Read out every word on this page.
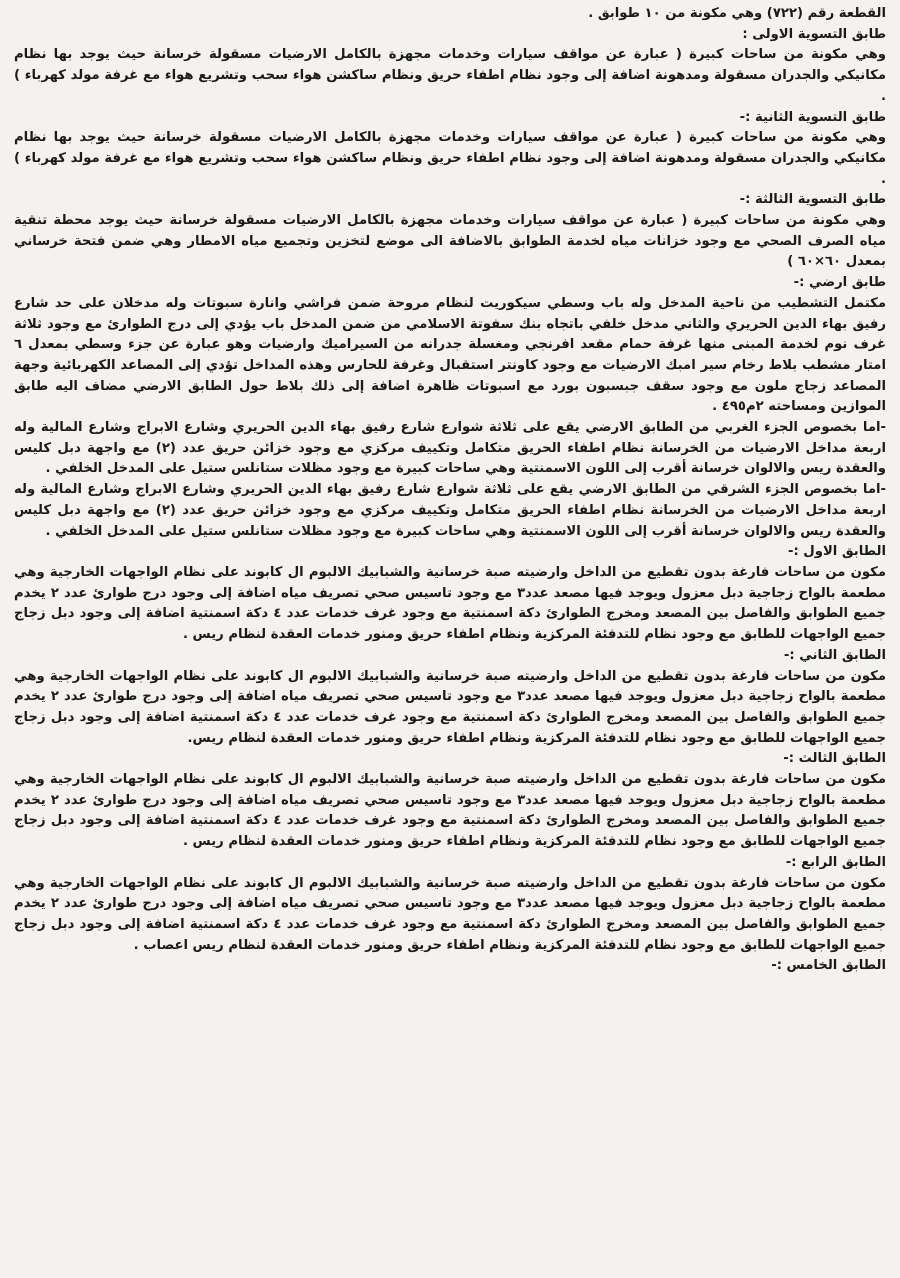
القطعة رقم (٧٢٢) وهي مكونة من ١٠ طوابق .

طابق التسوية الاولى :

وهي مكونة من ساحات كبيرة ( عبارة عن مواقف سيارات وخدمات مجهزة بالكامل الارضيات مسقولة خرسانة حيث يوجد بها نظام مكانيكي والجدران مسقولة ومدهونة اضافة إلى وجود نظام اطفاء حريق ونظام ساكشن هواء سحب وتشريع هواء مع غرفة مولد كهرباء ) .

طابق التسوية الثانية :-

وهي مكونة من ساحات كبيرة ( عبارة عن مواقف سيارات وخدمات مجهزة بالكامل الارضيات مسقولة خرسانة حيث يوجد بها نظام مكانيكي والجدران مسقولة ومدهونة اضافة إلى وجود نظام اطفاء حريق ونظام ساكشن هواء سحب وتشريع هواء مع غرفة مولد كهرباء ) .

طابق التسوية الثالثة :-

وهي مكونة من ساحات كبيرة ( عبارة عن مواقف سيارات وخدمات مجهزة بالكامل الارضيات مسقولة خرسانة حيث يوجد محطة تنقية مياه الصرف الصحي مع وجود خزانات مياه لخدمة الطوابق بالاضافة الى موضع لتخزين وتجميع مياه الامطار وهي ضمن فتحة خرساني بمعدل ٦٠×٦٠ )

طابق ارضي :-

مكتمل التشطيب من ناحية المدخل وله باب وسطي سيكوريت لنظام مروحة ضمن فراشي وانارة سبوتات وله مدخلان على حد شارع رفيق بهاء الدين الحريري والثاني مدخل خلفي باتجاه بنك سفوتة الاسلامي من ضمن المدخل باب يؤدي إلى درج الطوارئ مع وجود ثلاثة غرف نوم لخدمة المبنى منها غرفة حمام مقعد افرنجي ومغسلة جدرانه من السيراميك وارضيات وهو عبارة عن جزء وسطي بمعدل ٦ امتار مشطب بلاط رخام سير امبك الارضيات مع وجود كاونتر استقبال وغرفة للحارس وهذه المداخل تؤدي إلى المصاعد الكهربائية وجهة المصاعد زجاج ملون مع وجود سقف جبسبون بورد مع اسبوتات ظاهرة اضافة إلى ذلك بلاط حول الطابق الارضي مضاف اليه طابق الموازين ومساحته ٢م٤٩٥ .

-اما بخصوص الجزء الغربي من الطابق الارضي يقع على ثلاثة شوارع شارع رفيق بهاء الدين الحريري وشارع الابراج وشارع المالية وله اربعة مداخل الارضيات من الخرسانة نظام اطفاء الحريق متكامل وتكييف مركزي مع وجود خزائن حريق عدد (٢) مع واجهة دبل كليس والعقدة ريس والالوان خرسانة أقرب إلى اللون الاسمنتية وهي ساحات كبيرة مع وجود مظلات ستانلس ستيل على المدخل الخلفي .

-اما بخصوص الجزء الشرقي من الطابق الارضي يقع على ثلاثة شوارع شارع رفيق بهاء الدين الحريري وشارع الابراج وشارع المالية وله اربعة مداخل الارضيات من الخرسانة نظام اطفاء الحريق متكامل وتكييف مركزي مع وجود خزائن حريق عدد (٢) مع واجهة دبل كليس والعقدة ريس والالوان خرسانة أقرب إلى اللون الاسمنتية وهي ساحات كبيرة مع وجود مظلات ستانلس ستيل على المدخل الخلفي .

الطابق الاول :-

مكون من ساحات فارغة بدون تقطيع من الداخل وارضيته صبة خرسانية والشبابيك الالبوم ال كابوند على نظام الواجهات الخارجية وهي مطعمة بالواح زجاجية دبل معزول ويوجد فيها مصعد عدد٣ مع وجود تاسيس صحي تصريف مياه اضافة إلى وجود درج طوارئ عدد ٢ يخدم جميع الطوابق والفاصل بين المصعد ومخرج الطوارئ دكة اسمنتية مع وجود غرف خدمات عدد ٤ دكة اسمنتية اضافة إلى وجود دبل زجاج جميع الواجهات للطابق مع وجود نظام للتدفئة المركزية ونظام اطفاء حريق ومنور خدمات العقدة لنظام ريس .

الطابق الثاني :-

مكون من ساحات فارغة بدون تقطيع من الداخل وارضيته صبة خرسانية والشبابيك الالبوم ال كابوند على نظام الواجهات الخارجية وهي مطعمة بالواح زجاجية دبل معزول ويوجد فيها مصعد عدد٣ مع وجود تاسيس صحي تصريف مياه اضافة إلى وجود درج طوارئ عدد ٢ يخدم جميع الطوابق والفاصل بين المصعد ومخرج الطوارئ دكة اسمنتية مع وجود غرف خدمات عدد ٤ دكة اسمنتية اضافة إلى وجود دبل زجاج جميع الواجهات للطابق مع وجود نظام للتدفئة المركزية ونظام اطفاء حريق ومنور خدمات العقدة لنظام ريس.

الطابق الثالث :-

مكون من ساحات فارغة بدون تقطيع من الداخل وارضيته صبة خرسانية والشبابيك الالبوم ال كابوند على نظام الواجهات الخارجية وهي مطعمة بالواح زجاجية دبل معزول ويوجد فيها مصعد عدد٣ مع وجود تاسيس صحي تصريف مياه اضافة إلى وجود درج طوارئ عدد ٢ يخدم جميع الطوابق والفاصل بين المصعد ومخرج الطوارئ دكة اسمنتية مع وجود غرف خدمات عدد ٤ دكة اسمنتية اضافة إلى وجود دبل زجاج جميع الواجهات للطابق مع وجود نظام للتدفئة المركزية ونظام اطفاء حريق ومنور خدمات العقدة لنظام ريس .

الطابق الرابع :-

مكون من ساحات فارغة بدون تقطيع من الداخل وارضيته صبة خرسانية والشبابيك الالبوم ال كابوند على نظام الواجهات الخارجية وهي مطعمة بالواح زجاجية دبل معزول ويوجد فيها مصعد عدد٣ مع وجود تاسيس صحي تصريف مياه اضافة إلى وجود درج طوارئ عدد ٢ يخدم جميع الطوابق والفاصل بين المصعد ومخرج الطوارئ دكة اسمنتية مع وجود غرف خدمات عدد ٤ دكة اسمنتية اضافة إلى وجود دبل زجاج جميع الواجهات للطابق مع وجود نظام للتدفئة المركزية ونظام اطفاء حريق ومنور خدمات العقدة لنظام ريس اعصاب .

الطابق الخامس :-
